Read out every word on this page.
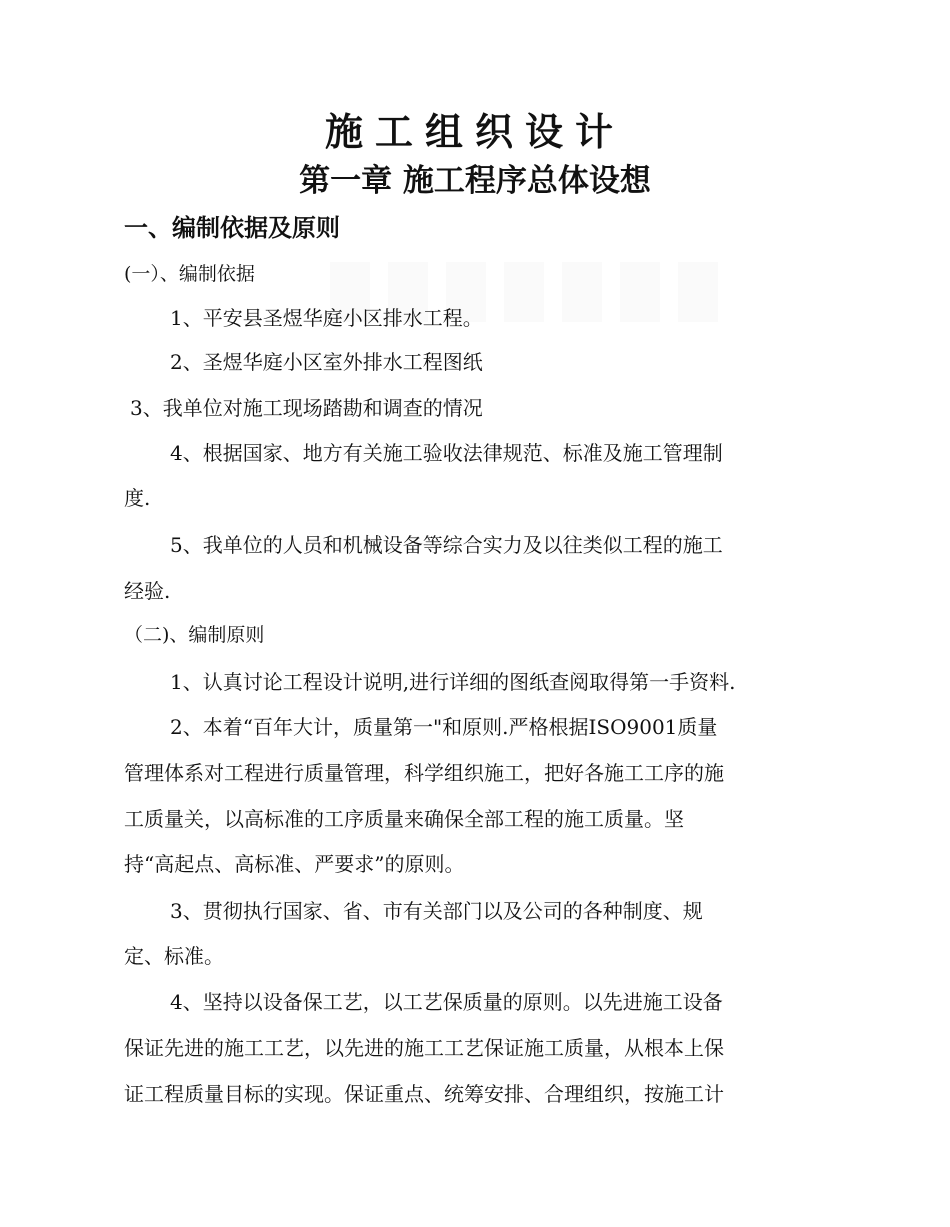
施工组织设计
第一章 施工程序总体设想
一、编制依据及原则

(一）、编制依据

1、平安县圣煜华庭小区排水工程。

2、圣煜华庭小区室外排水工程图纸

3、我单位对施工现场踏勘和调查的情况

4、根据国家、地方有关施工验收法律规范、标准及施工管理制

度.

5、我单位的人员和机械设备等综合实力及以往类似工程的施工

经验.

（二)、编制原则

1、认真讨论工程设计说明,进行详细的图纸查阅取得第一手资料.

2、本着“百年大计，质量第一"和原则.严格根据ISO9001质量

管理体系对工程进行质量管理，科学组织施工，把好各施工工序的施

工质量关，以高标准的工序质量来确保全部工程的施工质量。坚

持“高起点、高标准、严要求”的原则。

3、贯彻执行国家、省、市有关部门以及公司的各种制度、规

定、标准。

4、坚持以设备保工艺，以工艺保质量的原则。以先进施工设备

保证先进的施工工艺，以先进的施工工艺保证施工质量，从根本上保

证工程质量目标的实现。保证重点、统筹安排、合理组织，按施工计
